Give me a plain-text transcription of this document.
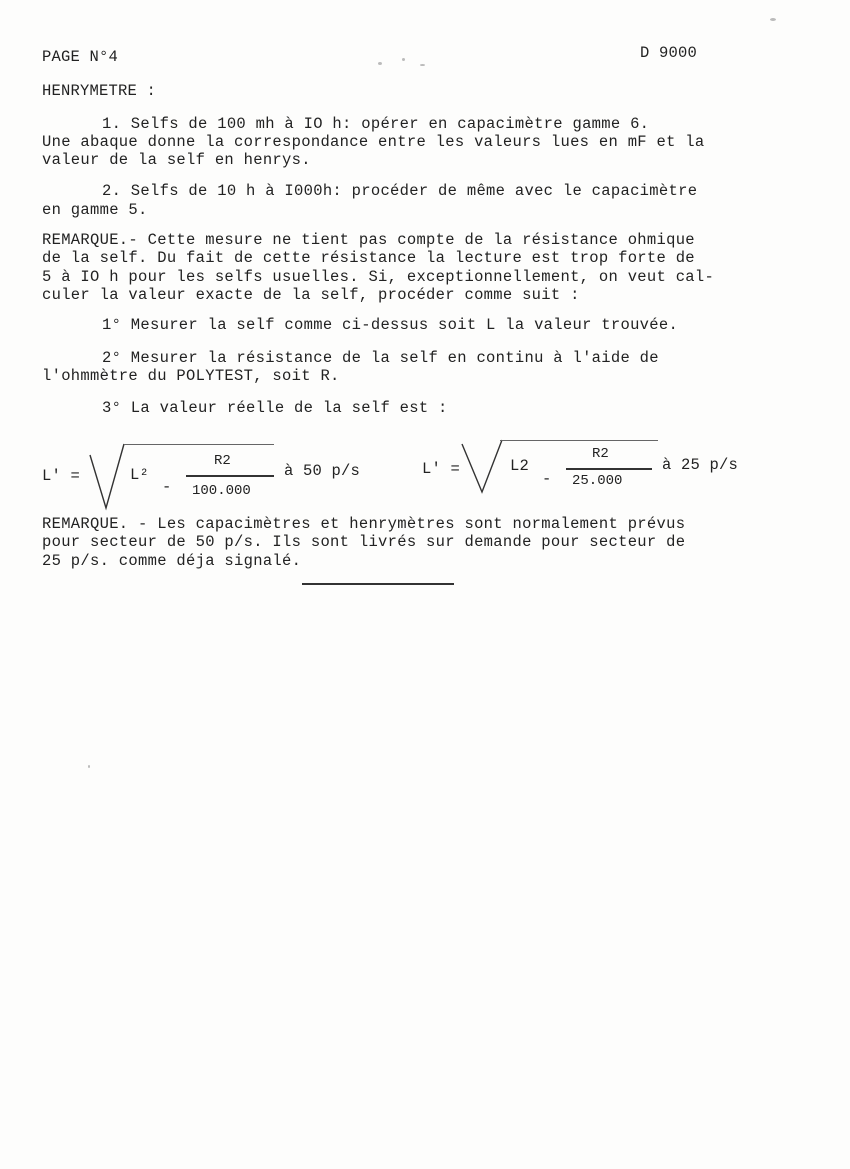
PAGE N°4	D 9000
HENRYMETRE :
1. Selfs de 100 mh à IO h: opérer en capacimètre gamme 6.
Une abaque donne la correspondance entre les valeurs lues en mF et la
valeur de la self en henrys.
2. Selfs de 10 h à I000h: procéder de même avec le capacimètre
en gamme 5.
REMARQUE.- Cette mesure ne tient pas compte de la résistance ohmique
de la self. Du fait de cette résistance la lecture est trop forte de
5 à IO h pour les selfs usuelles. Si, exceptionnellement, on veut cal-
culer la valeur exacte de la self, procéder comme suit :
1° Mesurer la self comme ci-dessus soit L la valeur trouvée.
2° Mesurer la résistance de la self en continu à l'aide de
l'ohmmètre du POLYTEST, soit R.
3° La valeur réelle de la self est :
L' =	L²
-
R2
100.000
à 50 p/s	L' =	L2
-
R2
25.000
à 25 p/s
REMARQUE. - Les capacimètres et henrymètres sont normalement prévus
pour secteur de 50 p/s. Ils sont livrés sur demande pour secteur de
25 p/s. comme déja signalé.
